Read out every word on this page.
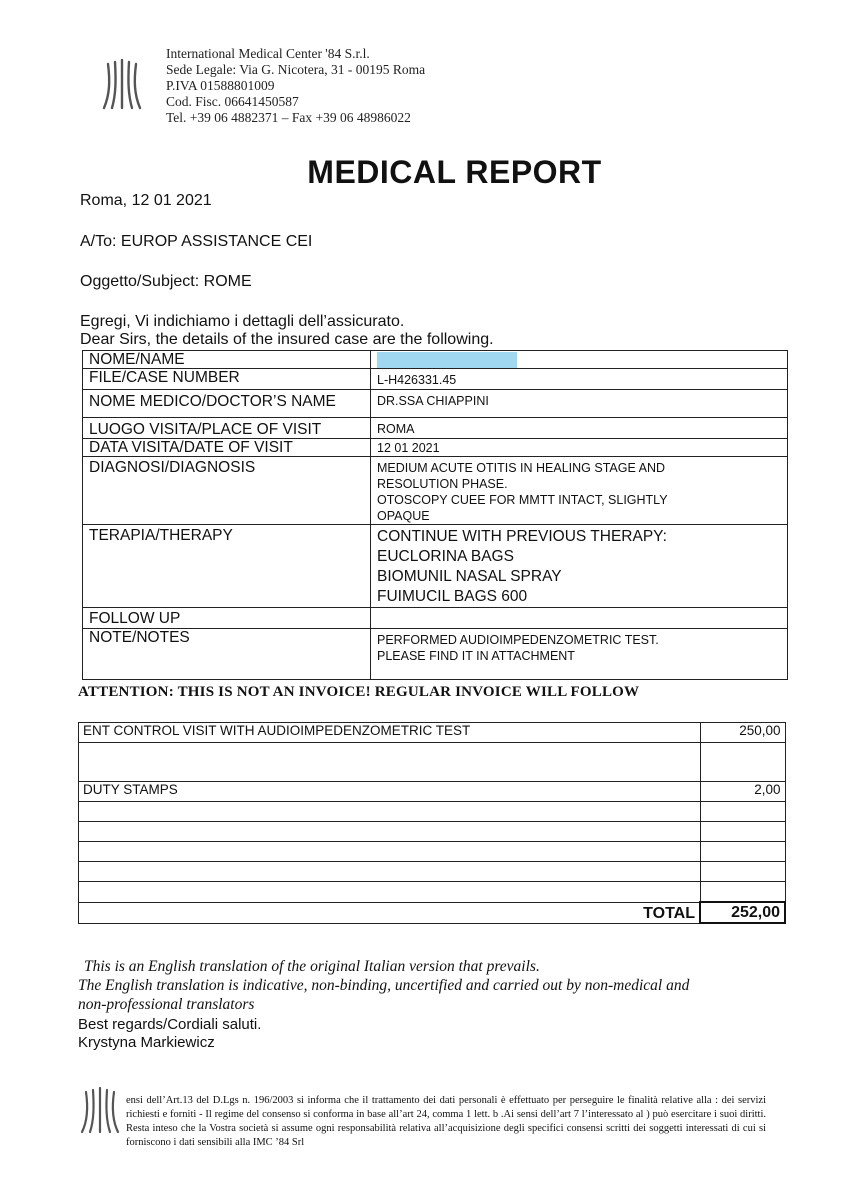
International Medical Center '84 S.r.l.
Sede Legale: Via G. Nicotera, 31 - 00195 Roma
P.IVA 01588801009
Cod. Fisc. 06641450587
Tel. +39 06 4882371 – Fax +39 06 48986022
MEDICAL REPORT
Roma, 12 01 2021
A/To: EUROP ASSISTANCE CEI
Oggetto/Subject: ROME
Egregi, Vi indichiamo i dettagli dell’assicurato.
Dear Sirs, the details of the insured case are the following.
NOME/NAME	
FILE/CASE NUMBER	L-H426331.45
NOME MEDICO/DOCTOR’S NAME	DR.SSA CHIAPPINI
LUOGO VISITA/PLACE OF VISIT	ROMA
DATA VISITA/DATE OF VISIT	12 01 2021
DIAGNOSI/DIAGNOSIS	MEDIUM ACUTE OTITIS IN HEALING STAGE AND
RESOLUTION PHASE.
OTOSCOPY CUEE FOR MMTT INTACT, SLIGHTLY
OPAQUE

TERAPIA/THERAPY	CONTINUE WITH PREVIOUS THERAPY:
EUCLORINA BAGS
BIOMUNIL NASAL SPRAY
FUIMUCIL BAGS 600

FOLLOW UP	
NOTE/NOTES	PERFORMED AUDIOIMPEDENZOMETRIC TEST.
PLEASE FIND IT IN ATTACHMENT
ATTENTION: THIS IS NOT AN INVOICE! REGULAR INVOICE WILL FOLLOW
ENT CONTROL VISIT WITH AUDIOIMPEDENZOMETRIC TEST	250,00

DUTY STAMPS	2,00

TOTAL	252,00
This is an English translation of the original Italian version that prevails.
The English translation is indicative, non-binding, uncertified and carried out by non-medical and
non-professional translators
Best regards/Cordiali saluti.
Krystyna Markiewicz
ensi dell’Art.13 del D.Lgs n. 196/2003 si informa che il trattamento dei dati personali è effettuato per perseguire le finalità relative alla : dei servizi richiesti e forniti - Il regime del consenso si conforma in base all’art 24, comma 1 lett. b .Ai sensi dell’art 7 l’interessato al ) può esercitare i suoi diritti. Resta inteso che la Vostra società si assume ogni responsabilità relativa all’acquisizione degli specifici consensi scritti dei soggetti interessati di cui si forniscono i dati sensibili alla IMC ’84 Srl
